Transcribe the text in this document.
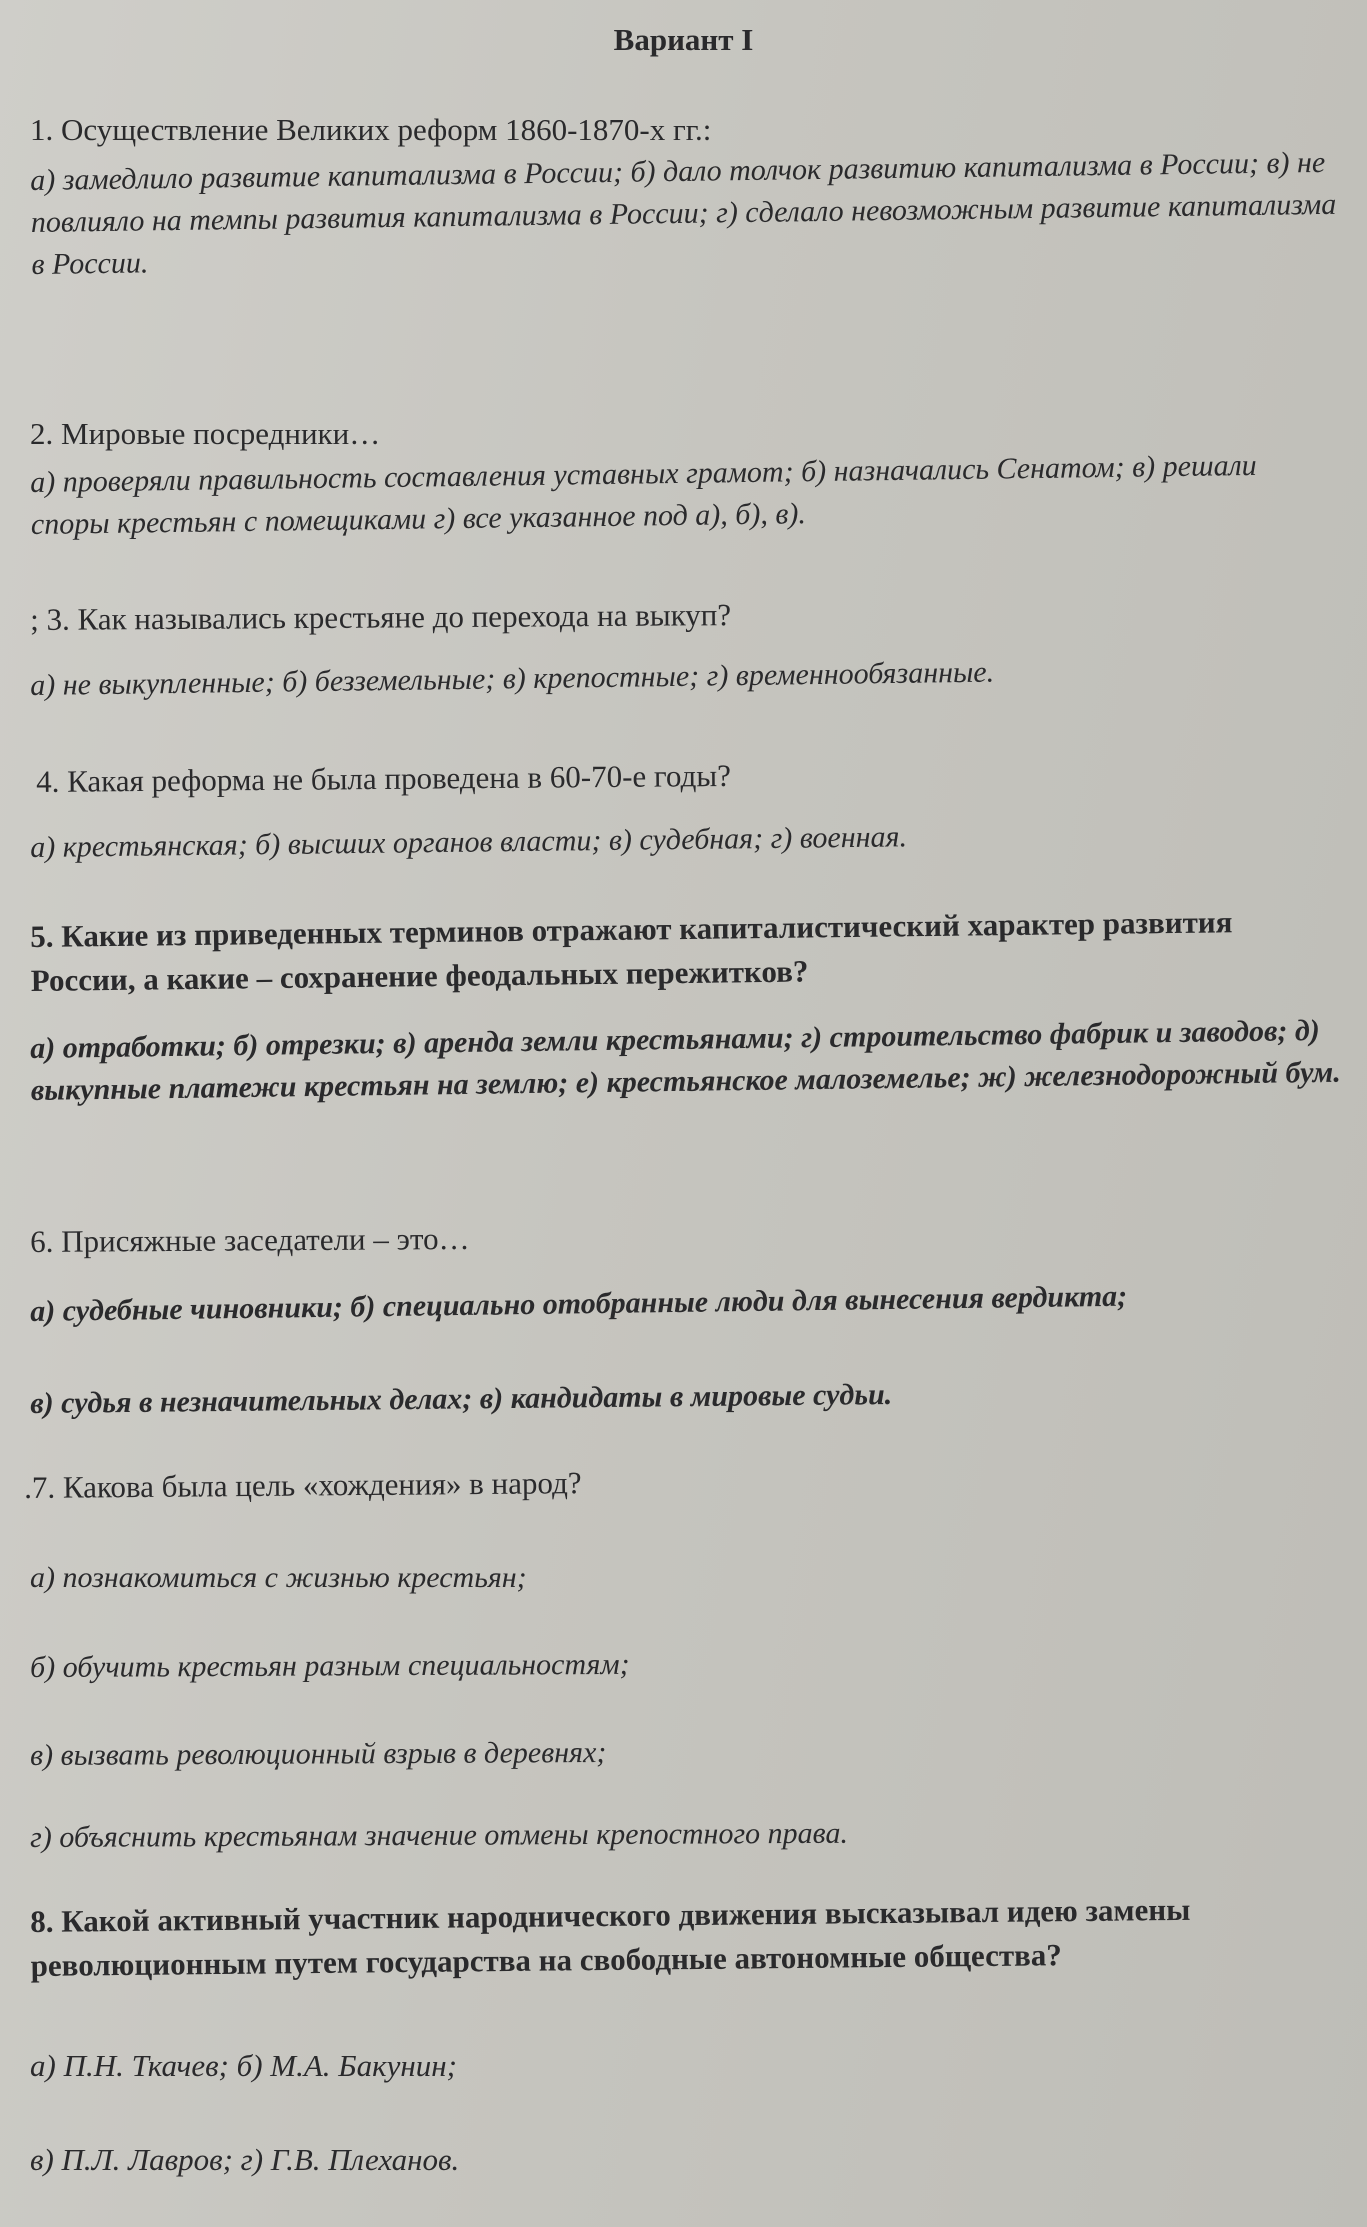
Вариант I
1. Осуществление Великих реформ 1860-1870-х гг.:
а) замедлило развитие капитализма в России; б) дало толчок развитию капитализма в России; в) не повлияло на темпы развития капитализма в России; г) сделало невозможным развитие капитализма в России.
2. Мировые посредники…
а) проверяли правильность составления уставных грамот; б) назначались Сенатом; в) решали споры крестьян с помещиками г) все указанное под а), б), в).
; 3. Как назывались крестьяне до перехода на выкуп?
а) не выкупленные; б) безземельные; в) крепостные; г) временнообязанные.
4. Какая реформа не была проведена в 60-70-е годы?
а) крестьянская; б) высших органов власти; в) судебная; г) военная.
5. Какие из приведенных терминов отражают капиталистический характер развития России, а какие – сохранение феодальных пережитков?
а) отработки; б) отрезки; в) аренда земли крестьянами; г) строительство фабрик и заводов; д) выкупные платежи крестьян на землю; е) крестьянское малоземелье; ж) железнодорожный бум.
6. Присяжные заседатели – это…
а) судебные чиновники; б) специально отобранные люди для вынесения вердикта;
в) судья в незначительных делах; в) кандидаты в мировые судьи.
.7. Какова была цель «хождения» в народ?
а) познакомиться с жизнью крестьян;
б) обучить крестьян разным специальностям;
в) вызвать революционный взрыв в деревнях;
г) объяснить крестьянам значение отмены крепостного права.
8. Какой активный участник народнического движения высказывал идею замены революционным путем государства на свободные автономные общества?
а) П.Н. Ткачев; б) М.А. Бакунин;
в) П.Л. Лавров; г) Г.В. Плеханов.
